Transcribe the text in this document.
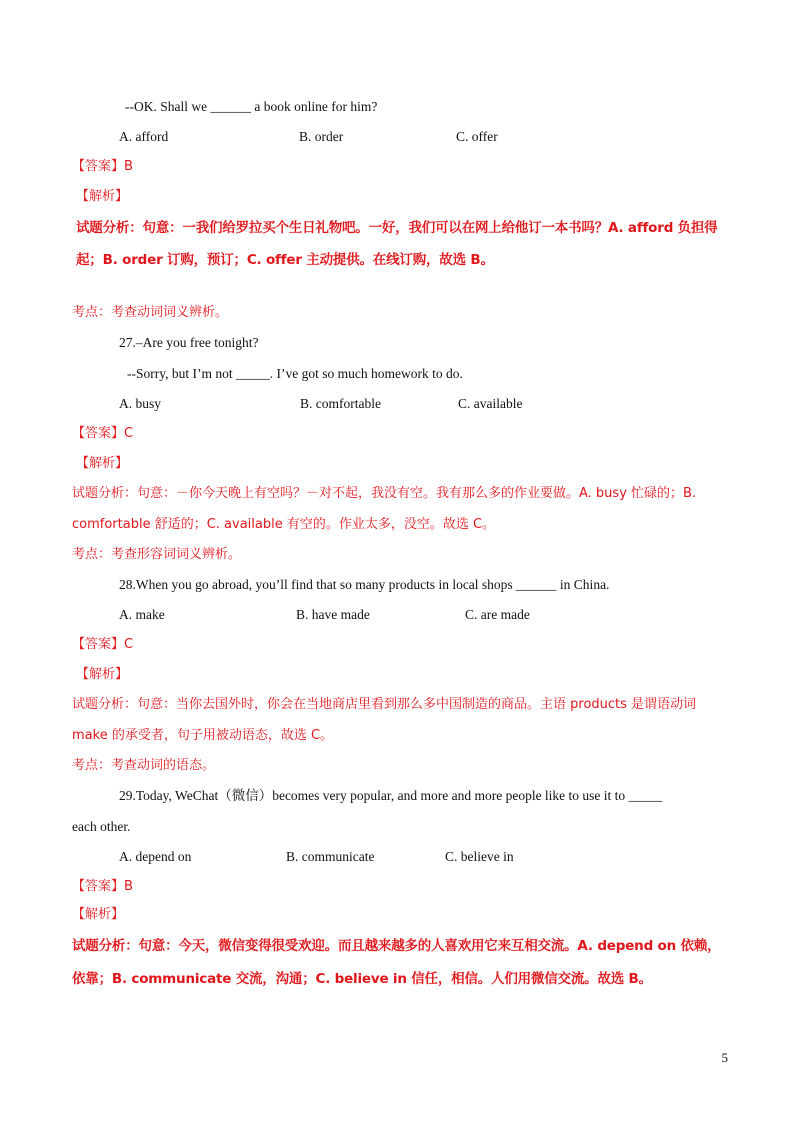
--OK. Shall we ______ a book online for him?
A. afford	B. order	C. offer
【答案】B
【解析】
试题分析：句意：一我们给罗拉买个生日礼物吧。一好，我们可以在网上给他订一本书吗？A. afford 负担得
起；B. order 订购，预订；C. offer 主动提供。在线订购，故选 B。
考点：考查动词词义辨析。
27.–Are you free tonight?
--Sorry, but I’m not _____. I’ve got so much homework to do.
A. busy	B. comfortable	C. available
【答案】C
【解析】
试题分析：句意：－你今天晚上有空吗？－对不起，我没有空。我有那么多的作业要做。A. busy 忙碌的；B.
comfortable 舒适的；C. available 有空的。作业太多，没空。故选 C。
考点：考查形容词词义辨析。
28.When you go abroad, you’ll find that so many products in local shops ______ in China.
A. make	B. have made	C. are made
【答案】C
【解析】
试题分析：句意：当你去国外时，你会在当地商店里看到那么多中国制造的商品。主语 products 是谓语动词
make 的承受者，句子用被动语态，故选 C。
考点：考查动词的语态。
29.Today, WeChat（微信）becomes very popular, and more and more people like to use it to _____
each other.
A. depend on	B. communicate	C. believe in
【答案】B
【解析】
试题分析：句意：今天，微信变得很受欢迎。而且越来越多的人喜欢用它来互相交流。A. depend on 依赖，
依靠；B. communicate 交流，沟通；C. believe in 信任，相信。人们用微信交流。故选 B。
5
